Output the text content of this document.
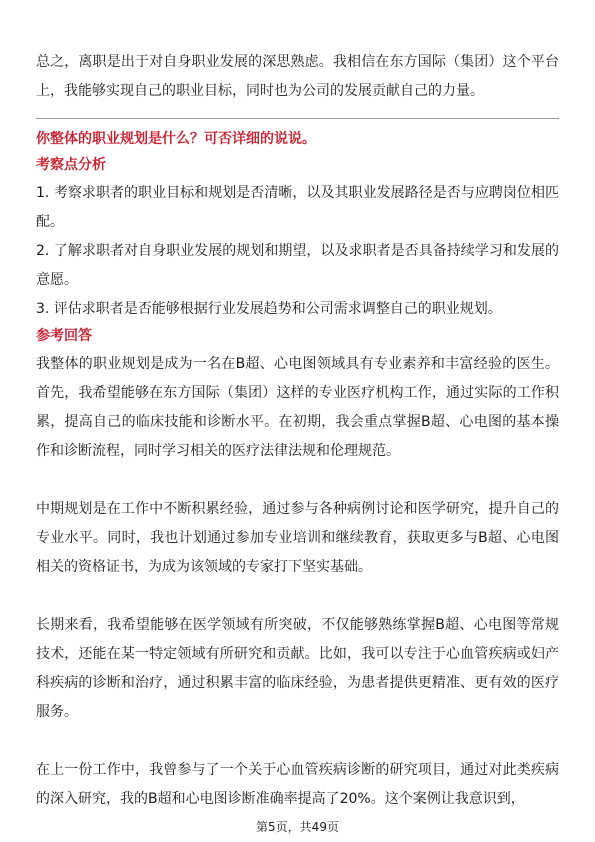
总之，离职是出于对自身职业发展的深思熟虑。我相信在东方国际（集团）这个平台上，我能够实现自己的职业目标，同时也为公司的发展贡献自己的力量。

你整体的职业规划是什么？可否详细的说说。

考察点分析

1. 考察求职者的职业目标和规划是否清晰，以及其职业发展路径是否与应聘岗位相匹配。
2. 了解求职者对自身职业发展的规划和期望，以及求职者是否具备持续学习和发展的意愿。
3. 评估求职者是否能够根据行业发展趋势和公司需求调整自己的职业规划。

参考回答

我整体的职业规划是成为一名在B超、心电图领域具有专业素养和丰富经验的医生。首先，我希望能够在东方国际（集团）这样的专业医疗机构工作，通过实际的工作积累，提高自己的临床技能和诊断水平。在初期，我会重点掌握B超、心电图的基本操作和诊断流程，同时学习相关的医疗法律法规和伦理规范。

中期规划是在工作中不断积累经验，通过参与各种病例讨论和医学研究，提升自己的专业水平。同时，我也计划通过参加专业培训和继续教育，获取更多与B超、心电图相关的资格证书，为成为该领域的专家打下坚实基础。

长期来看，我希望能够在医学领域有所突破，不仅能够熟练掌握B超、心电图等常规技术，还能在某一特定领域有所研究和贡献。比如，我可以专注于心血管疾病或妇产科疾病的诊断和治疗，通过积累丰富的临床经验，为患者提供更精准、更有效的医疗服务。

在上一份工作中，我曾参与了一个关于心血管疾病诊断的研究项目，通过对此类疾病的深入研究，我的B超和心电图诊断准确率提高了20%。这个案例让我意识到，

第5页，共49页
